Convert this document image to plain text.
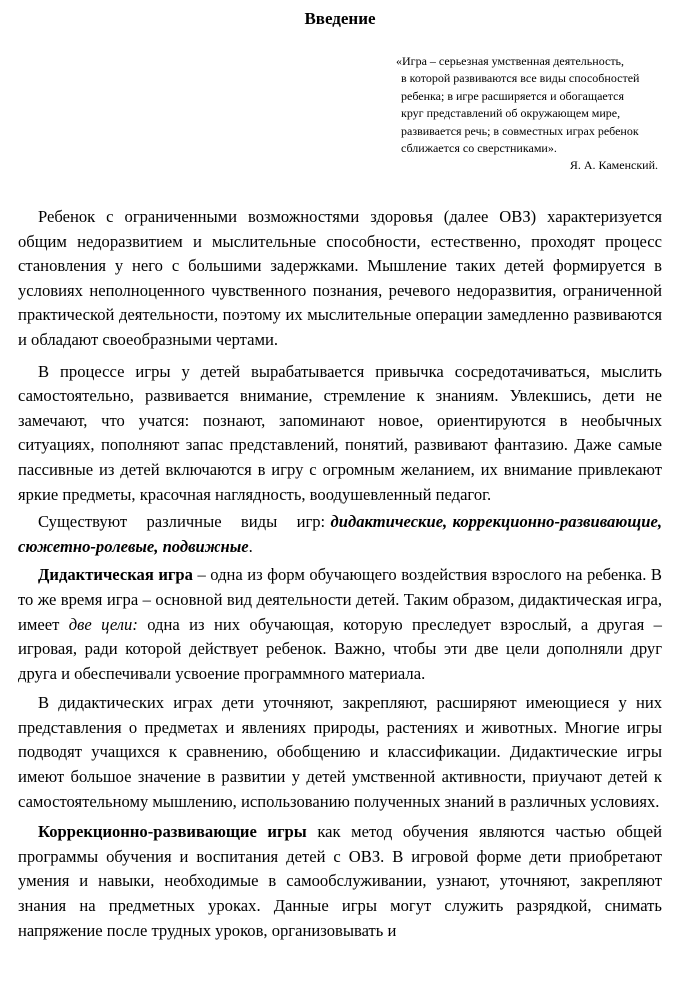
Введение
«Игра – серьезная умственная деятельность,
в которой развиваются все виды способностей
ребенка; в игре расширяется и обогащается
круг представлений об окружающем мире,
развивается речь; в совместных играх ребенок
сближается со сверстниками».
Я. А. Каменский.

Ребенок с ограниченными возможностями здоровья (далее ОВЗ) характеризуется общим недоразвитием и мыслительные способности, естественно, проходят процесс становления у него с большими задержками. Мышление таких детей формируется в условиях неполноценного чувственного познания, речевого недоразвития, ограниченной практической деятельности, поэтому их мыслительные операции замедленно развиваются и обладают своеобразными чертами.

В процессе игры у детей вырабатывается привычка сосредотачиваться, мыслить самостоятельно, развивается внимание, стремление к знаниям. Увлекшись, дети не замечают, что учатся: познают, запоминают новое, ориентируются в необычных ситуациях, пополняют запас представлений, понятий, развивают фантазию. Даже самые пассивные из детей включаются в игру с огромным желанием, их внимание привлекают яркие предметы, красочная наглядность, воодушевленный педагог.

Существуют различные виды игр: дидактические, коррекционно-развивающие, сюжетно-ролевые, подвижные.

Дидактическая игра – одна из форм обучающего воздействия взрослого на ребенка. В то же время игра – основной вид деятельности детей. Таким образом, дидактическая игра, имеет две цели: одна из них обучающая, которую преследует взрослый, а другая – игровая, ради которой действует ребенок. Важно, чтобы эти две цели дополняли друг друга и обеспечивали усвоение программного материала.

В дидактических играх дети уточняют, закрепляют, расширяют имеющиеся у них представления о предметах и явлениях природы, растениях и животных. Многие игры подводят учащихся к сравнению, обобщению и классификации. Дидактические игры имеют большое значение в развитии у детей умственной активности, приучают детей к самостоятельному мышлению, использованию полученных знаний в различных условиях.

Коррекционно-развивающие игры как метод обучения являются частью общей программы обучения и воспитания детей с ОВЗ. В игровой форме дети приобретают умения и навыки, необходимые в самообслуживании, узнают, уточняют, закрепляют знания на предметных уроках. Данные игры могут служить разрядкой, снимать напряжение после трудных уроков, организовывать и
